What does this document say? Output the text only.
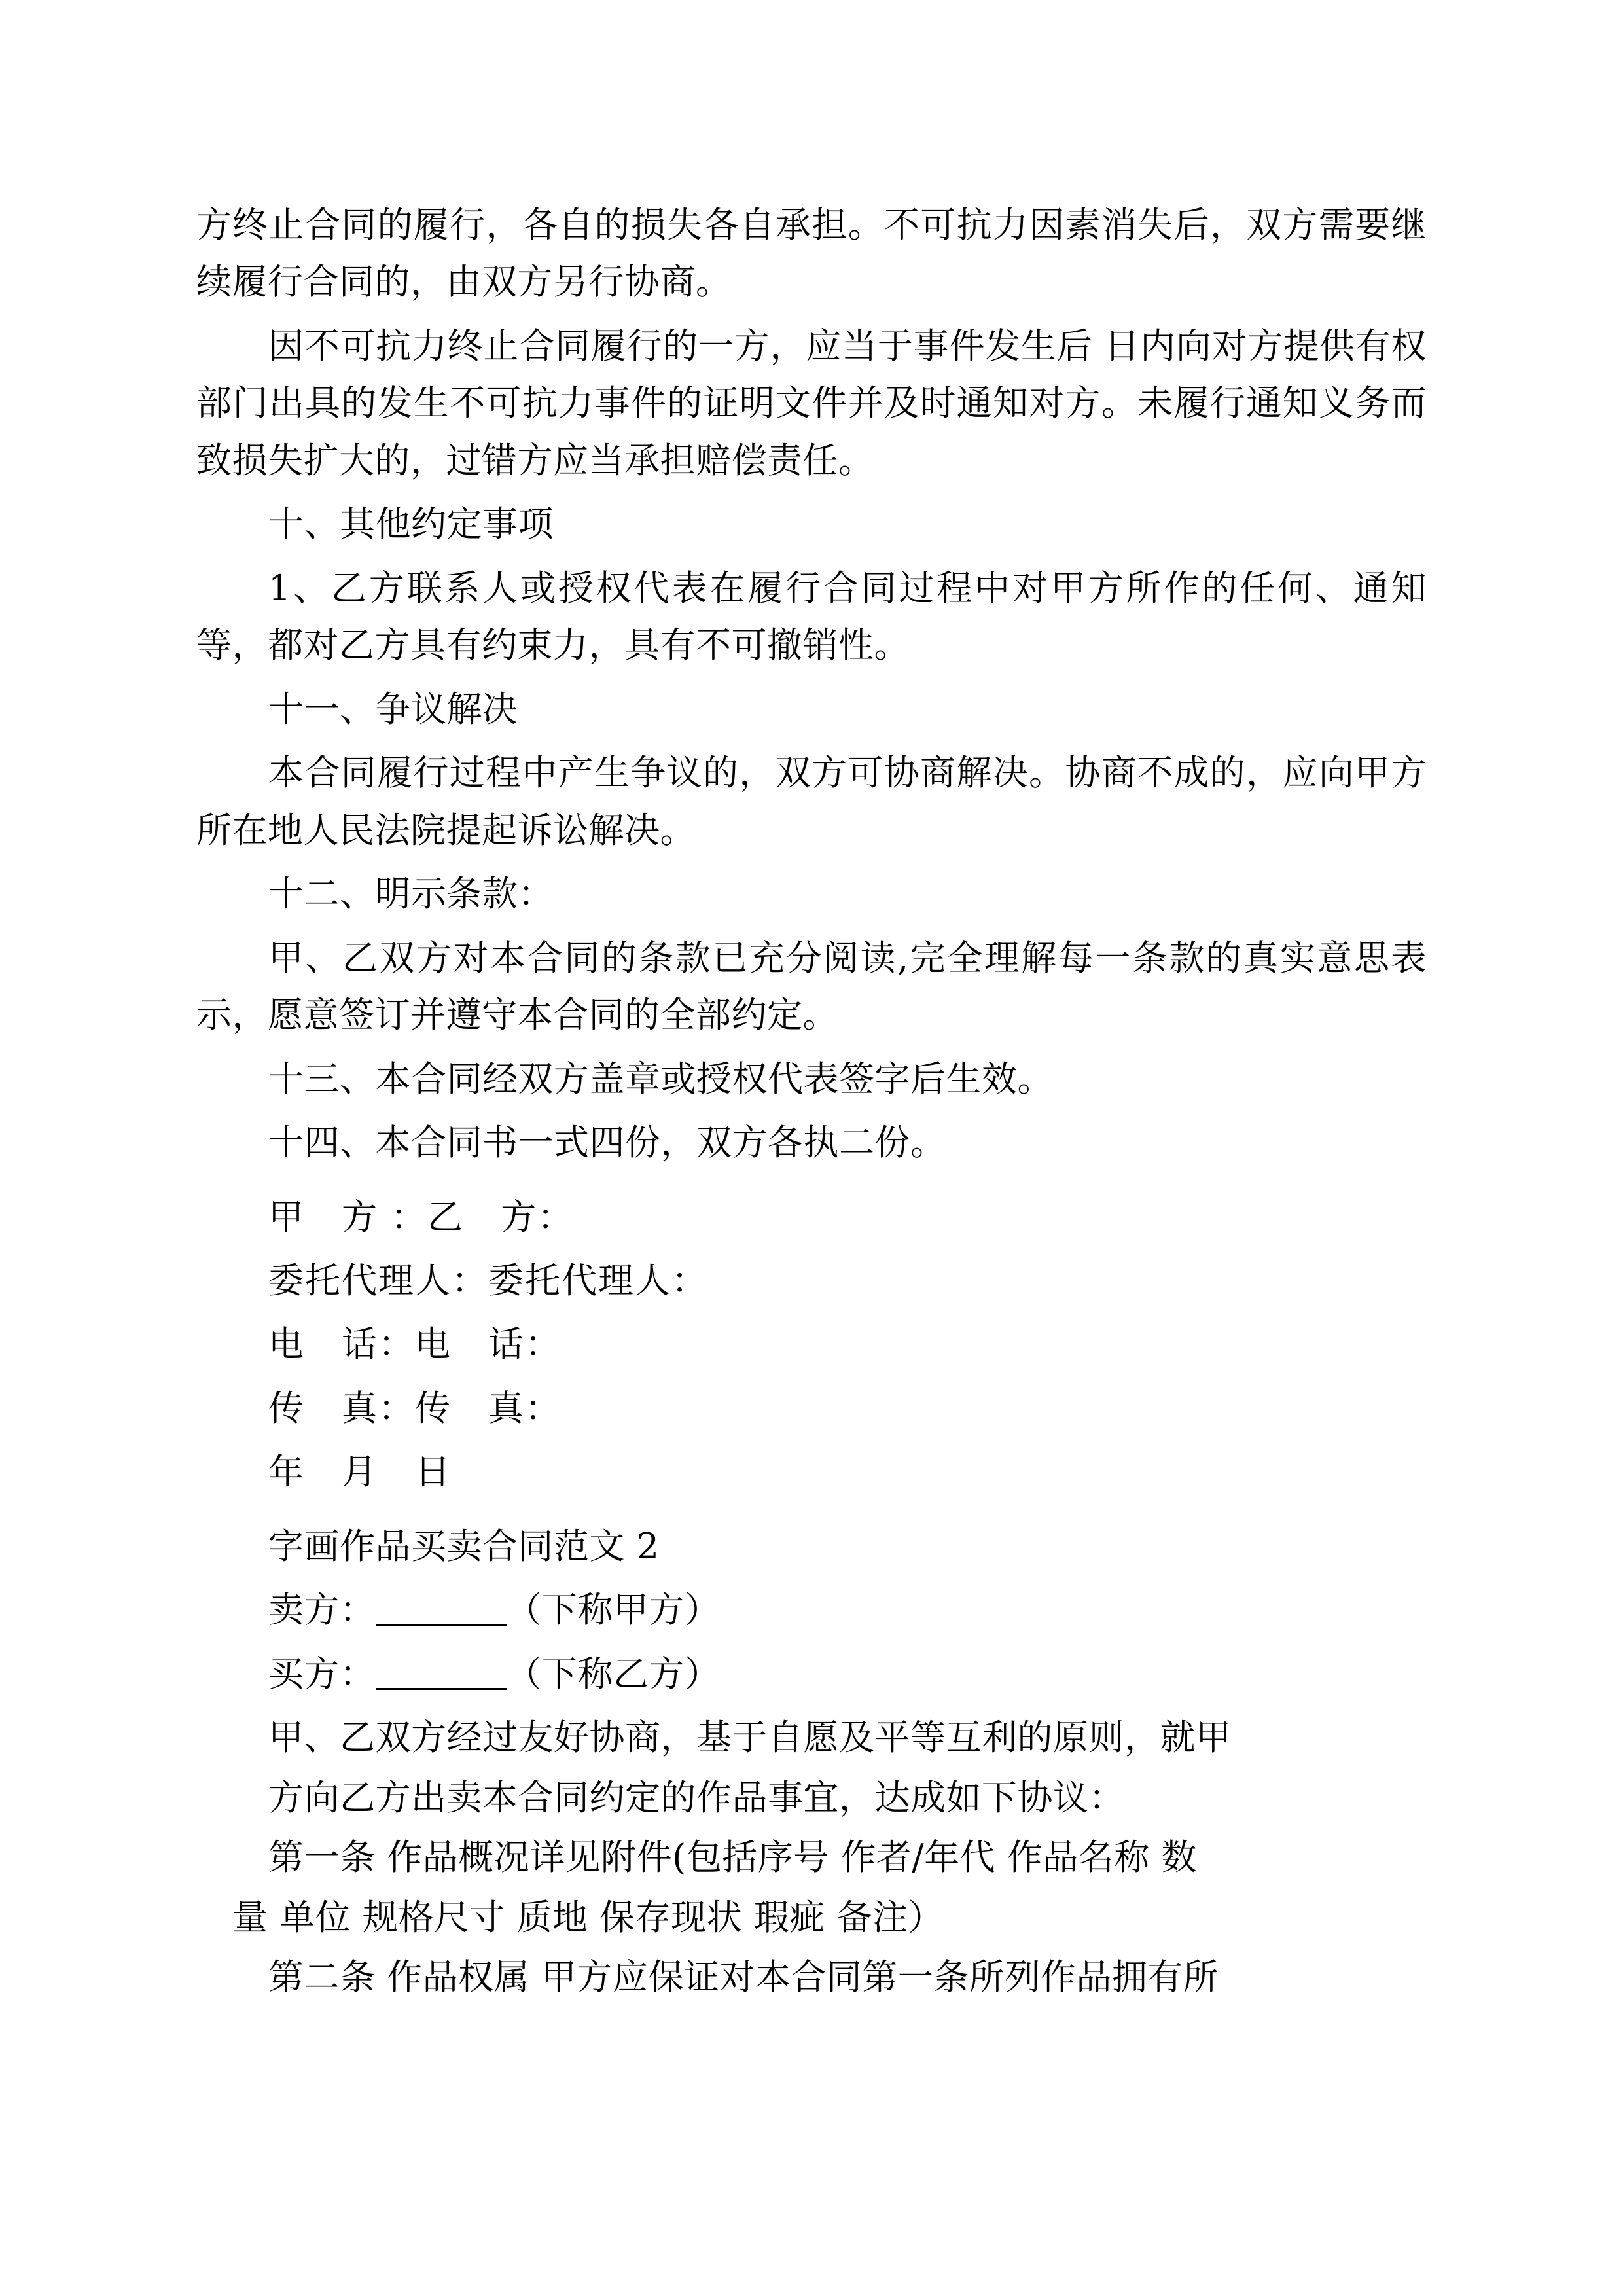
方终止合同的履行，各自的损失各自承担。不可抗力因素消失后，双方需要继续履行合同的，由双方另行协商。

因不可抗力终止合同履行的一方，应当于事件发生后 日内向对方提供有权部门出具的发生不可抗力事件的证明文件并及时通知对方。未履行通知义务而致损失扩大的，过错方应当承担赔偿责任。

十、其他约定事项

1、乙方联系人或授权代表在履行合同过程中对甲方所作的任何、通知等，都对乙方具有约束力，具有不可撤销性。

十一、争议解决

本合同履行过程中产生争议的，双方可协商解决。协商不成的，应向甲方所在地人民法院提起诉讼解决。

十二、明示条款：

甲、乙双方对本合同的条款已充分阅读,完全理解每一条款的真实意思表示，愿意签订并遵守本合同的全部约定。

十三、本合同经双方盖章或授权代表签字后生效。

十四、本合同书一式四份，双方各执二份。

甲　方 ：乙　方：

委托代理人：委托代理人：

电　话：电　话：

传　真：传　真：

年　月　日

字画作品买卖合同范文 2

卖方：	（下称甲方）

买方：	（下称乙方）

甲、乙双方经过友好协商，基于自愿及平等互利的原则，就甲

方向乙方出卖本合同约定的作品事宜，达成如下协议：

第一条 作品概况详见附件(包括序号 作者/年代 作品名称 数

量 单位 规格尺寸 质地 保存现状 瑕疵 备注）

第二条 作品权属 甲方应保证对本合同第一条所列作品拥有所
